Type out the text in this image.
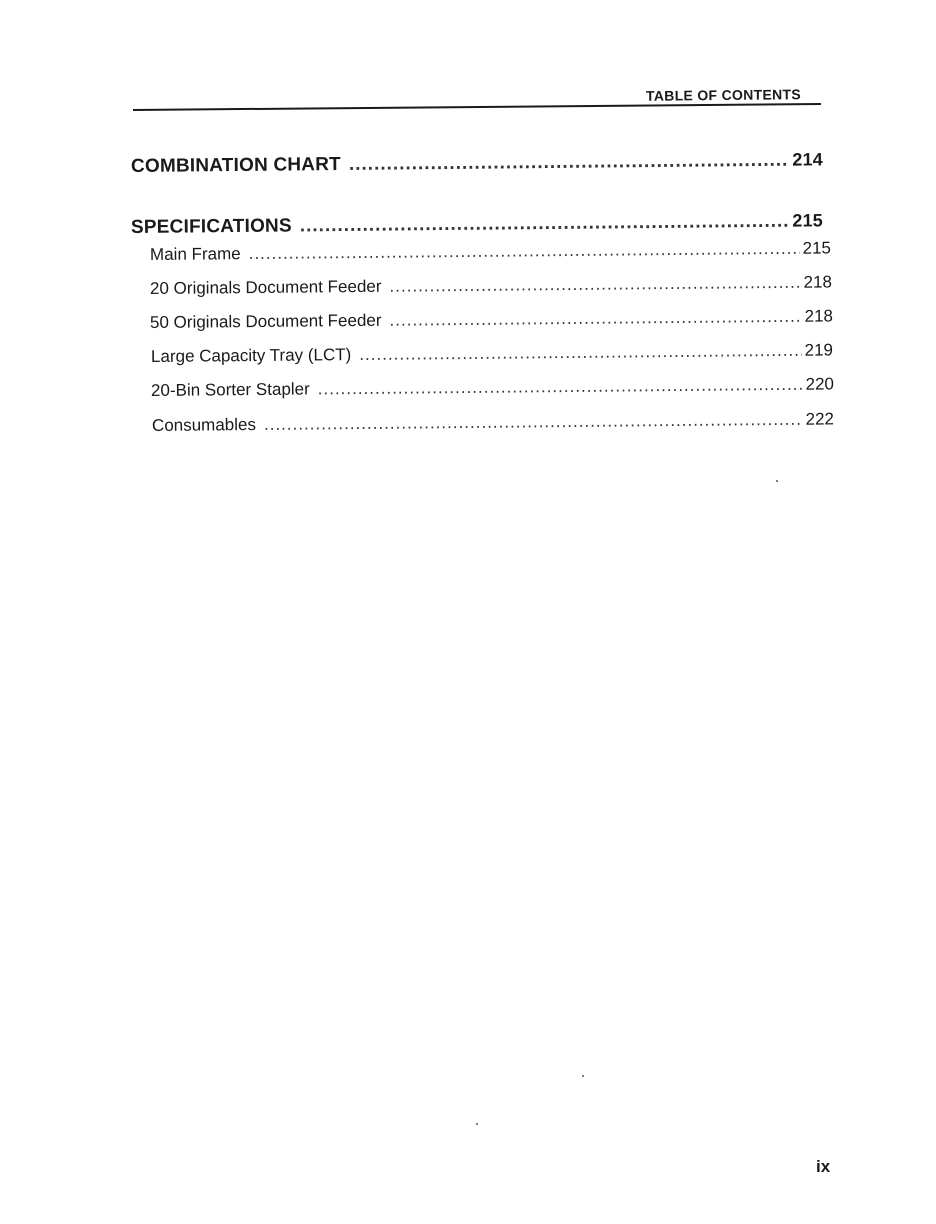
TABLE OF CONTENTS
COMBINATION CHART .....	214
SPECIFICATIONS .....	215
Main Frame .....	215
20 Originals Document Feeder .....	218
50 Originals Document Feeder .....	218
Large Capacity Tray (LCT) .....	219
20-Bin Sorter Stapler .....	220
Consumables .....	222
ix
